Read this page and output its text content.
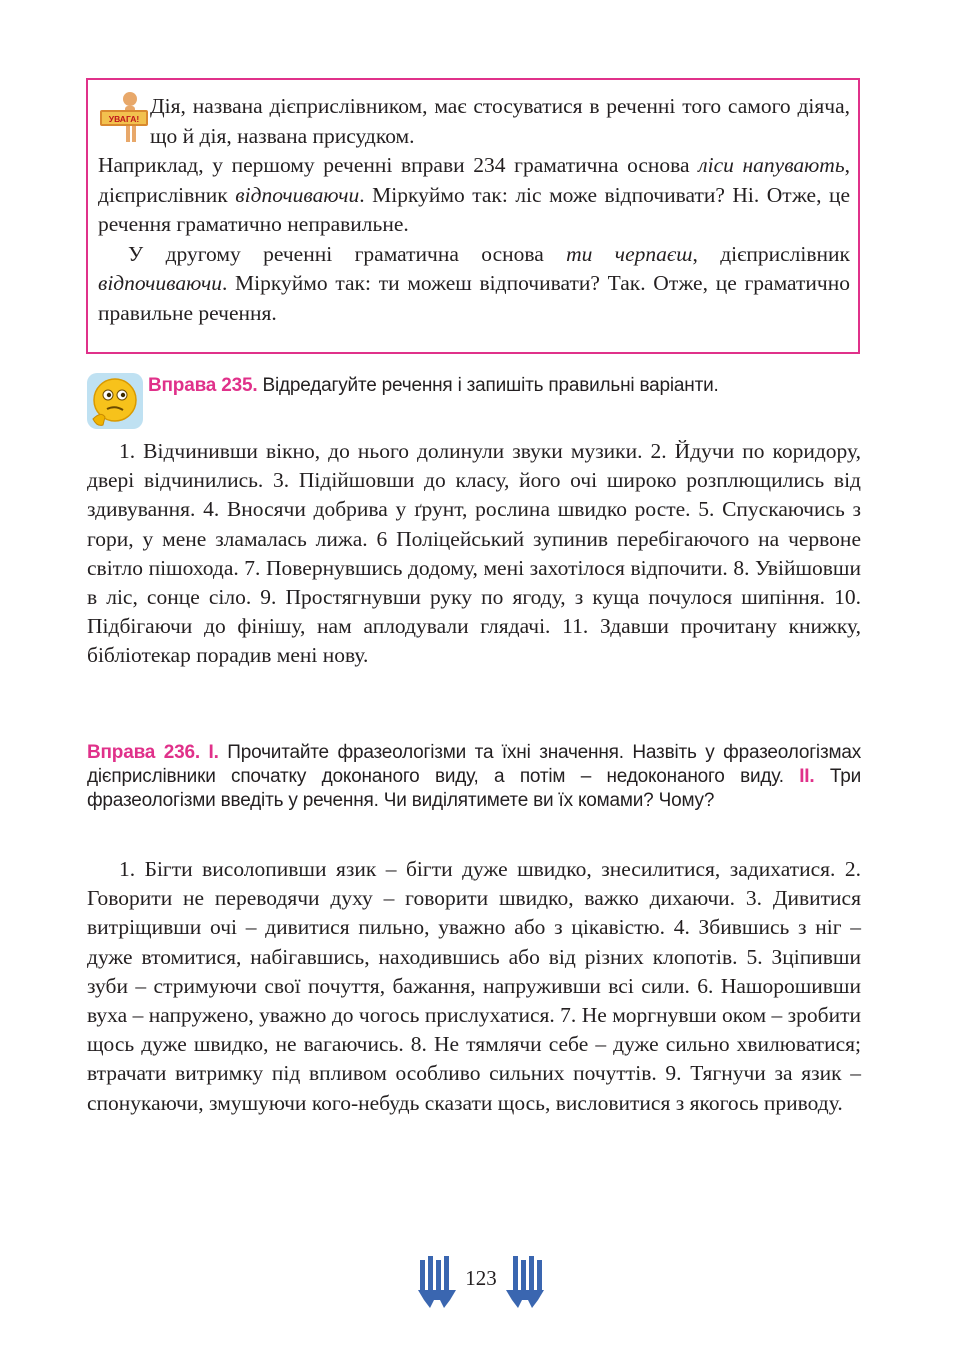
УВАГА!

Дія, названа дієприслівником, має стосуватися в реченні того самого діяча, що й дія, названа присудком.

Наприклад, у першому реченні вправи 234 граматична основа ліси напувають, дієприслівник відпочиваючи. Міркуймо так: ліс може відпочивати? Ні. Отже, це речення граматично неправильне.

У другому реченні граматична основа ти черпаєш, дієприслівник відпочиваючи. Міркуймо так: ти можеш відпочивати? Так. Отже, це граматично правильне речення.

Вправа 235. Відредагуйте речення і запишіть правильні варіанти.

1. Відчинивши вікно, до нього долинули звуки музики. 2. Йдучи по коридору, двері відчинились. 3. Підійшовши до класу, його очі широко розплющились від здивування. 4. Вносячи добрива у ґрунт, рослина швидко росте. 5. Спускаючись з гори, у мене зламалась лижа. 6 Поліцейський зупинив перебігаючого на червоне світло пішохода. 7. Повернувшись додому, мені захотілося відпочити. 8. Увійшовши в ліс, сонце сіло. 9. Простягнувши руку по ягоду, з куща почулося шипіння. 10. Підбігаючи до фінішу, нам аплодували глядачі. 11. Здавши прочитану книжку, бібліотекар порадив мені нову.

Вправа 236. I. Прочитайте фразеологізми та їхні значення. Назвіть у фразеологізмах дієприслівники спочатку доконаного виду, а потім – недоконаного виду. II. Три фразеологізми введіть у речення. Чи виділятимете ви їх комами? Чому?

1. Бігти висолопивши язик – бігти дуже швидко, знесилитися, задихатися. 2. Говорити не переводячи духу – говорити швидко, важко дихаючи. 3. Дивитися витріщивши очі – дивитися пильно, уважно або з цікавістю. 4. Збившись з ніг – дуже втомитися, набігавшись, находившись або від різних клопотів. 5. Зціпивши зуби – стримуючи свої почуття, бажання, напруживши всі сили. 6. Нашорошивши вуха – напружено, уважно до чогось прислухатися. 7. Не моргнувши оком – зробити щось дуже швидко, не вагаючись. 8. Не тямлячи себе – дуже сильно хвилюватися; втрачати витримку під впливом особливо сильних почуттів. 9. Тягнучи за язик – спонукаючи, змушуючи кого-небудь сказати щось, висловитися з якогось приводу.

123
